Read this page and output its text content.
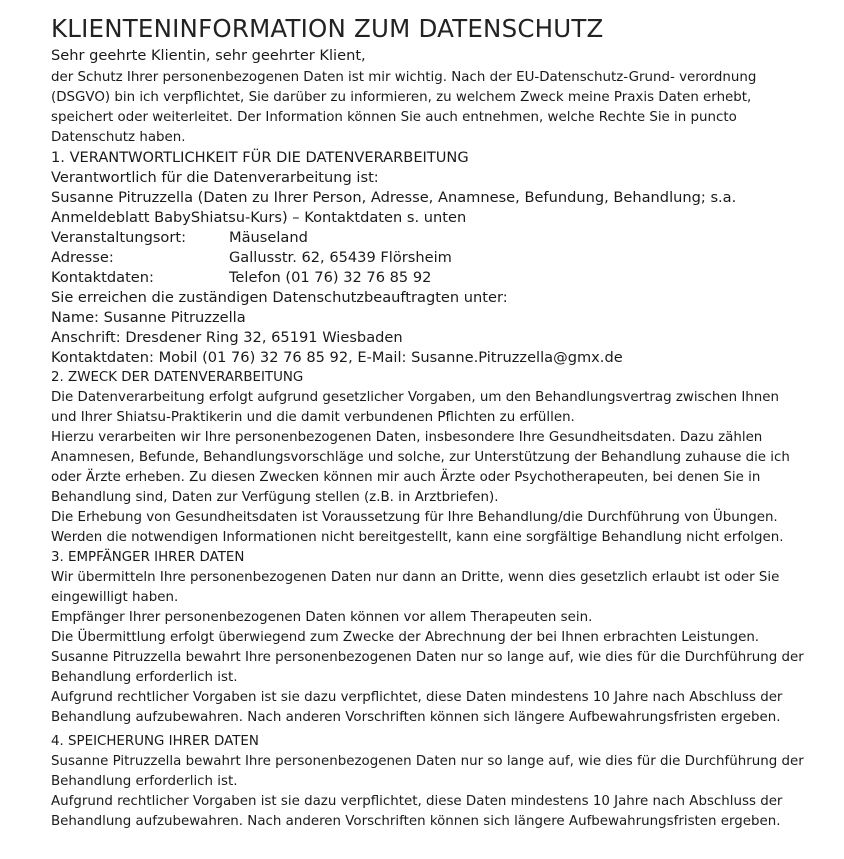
KLIENTENINFORMATION ZUM DATENSCHUTZ

Sehr geehrte Klientin, sehr geehrter Klient,

der Schutz Ihrer personenbezogenen Daten ist mir wichtig. Nach der EU-Datenschutz-Grund- verordnung
(DSGVO) bin ich verpflichtet, Sie darüber zu informieren, zu welchem Zweck meine Praxis Daten erhebt,
speichert oder weiterleitet. Der Information können Sie auch entnehmen, welche Rechte Sie in puncto
Datenschutz haben.

1. VERANTWORTLICHKEIT FÜR DIE DATENVERARBEITUNG

Verantwortlich für die Datenverarbeitung ist:

Susanne Pitruzzella (Daten zu Ihrer Person, Adresse, Anamnese, Befundung, Behandlung; s.a.
Anmeldeblatt BabyShiatsu-Kurs) – Kontaktdaten s. unten
Veranstaltungsort:	Mäuseland
Adresse:	Gallusstr. 62, 65439 Flörsheim
Kontaktdaten:	Telefon (01 76) 32 76 85 92

Sie erreichen die zuständigen Datenschutzbeauftragten unter:

Name: Susanne Pitruzzella
Anschrift: Dresdener Ring 32, 65191 Wiesbaden
Kontaktdaten: Mobil (01 76) 32 76 85 92, E-Mail: Susanne.Pitruzzella@gmx.de

2. ZWECK DER DATENVERARBEITUNG

Die Datenverarbeitung erfolgt aufgrund gesetzlicher Vorgaben, um den Behandlungsvertrag zwischen Ihnen
und Ihrer Shiatsu-Praktikerin und die damit verbundenen Pflichten zu erfüllen.
Hierzu verarbeiten wir Ihre personenbezogenen Daten, insbesondere Ihre Gesundheitsdaten. Dazu zählen
Anamnesen, Befunde, Behandlungsvorschläge und solche, zur Unterstützung der Behandlung zuhause die ich
oder Ärzte erheben. Zu diesen Zwecken können mir auch Ärzte oder Psychotherapeuten, bei denen Sie in
Behandlung sind, Daten zur Verfügung stellen (z.B. in Arztbriefen).
Die Erhebung von Gesundheitsdaten ist Voraussetzung für Ihre Behandlung/die Durchführung von Übungen.
Werden die notwendigen Informationen nicht bereitgestellt, kann eine sorgfältige Behandlung nicht erfolgen.

3. EMPFÄNGER IHRER DATEN

Wir übermitteln Ihre personenbezogenen Daten nur dann an Dritte, wenn dies gesetzlich erlaubt ist oder Sie
eingewilligt haben.
Empfänger Ihrer personenbezogenen Daten können vor allem Therapeuten sein.
Die Übermittlung erfolgt überwiegend zum Zwecke der Abrechnung der bei Ihnen erbrachten Leistungen.
Susanne Pitruzzella bewahrt Ihre personenbezogenen Daten nur so lange auf, wie dies für die Durchführung der
Behandlung erforderlich ist.
Aufgrund rechtlicher Vorgaben ist sie dazu verpflichtet, diese Daten mindestens 10 Jahre nach Abschluss der
Behandlung aufzubewahren. Nach anderen Vorschriften können sich längere Aufbewahrungsfristen ergeben.

4. SPEICHERUNG IHRER DATEN

Susanne Pitruzzella bewahrt Ihre personenbezogenen Daten nur so lange auf, wie dies für die Durchführung der
Behandlung erforderlich ist.
Aufgrund rechtlicher Vorgaben ist sie dazu verpflichtet, diese Daten mindestens 10 Jahre nach Abschluss der
Behandlung aufzubewahren. Nach anderen Vorschriften können sich längere Aufbewahrungsfristen ergeben.
